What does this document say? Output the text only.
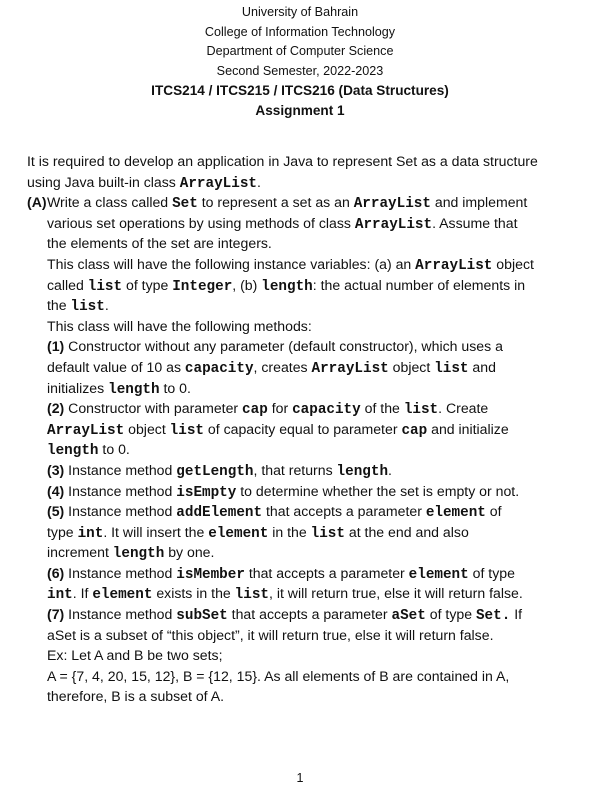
University of Bahrain
College of Information Technology
Department of Computer Science
Second Semester, 2022-2023
ITCS214 / ITCS215 / ITCS216 (Data Structures)
Assignment 1
It is required to develop an application in Java to represent Set as a data structure
using Java built-in class ArrayList.
(A) Write a class called Set to represent a set as an ArrayList and implement
various set operations by using methods of class ArrayList. Assume that
the elements of the set are integers.
This class will have the following instance variables: (a) an ArrayList object
called list of type Integer, (b) length: the actual number of elements in
the list.
This class will have the following methods:
(1) Constructor without any parameter (default constructor), which uses a
default value of 10 as capacity, creates ArrayList object list and
initializes length to 0.
(2) Constructor with parameter cap for capacity of the list. Create
ArrayList object list of capacity equal to parameter cap and initialize
length to 0.
(3) Instance method getLength, that returns length.
(4) Instance method isEmpty to determine whether the set is empty or not.
(5) Instance method addElement that accepts a parameter element of
type int. It will insert the element in the list at the end and also
increment length by one.
(6) Instance method isMember that accepts a parameter element of type
int. If element exists in the list, it will return true, else it will return false.
(7) Instance method subSet that accepts a parameter aSet of type Set. If
aSet is a subset of “this object”, it will return true, else it will return false.
Ex: Let A and B be two sets;
A = {7, 4, 20, 15, 12}, B = {12, 15}. As all elements of B are contained in A,
therefore, B is a subset of A.
1
